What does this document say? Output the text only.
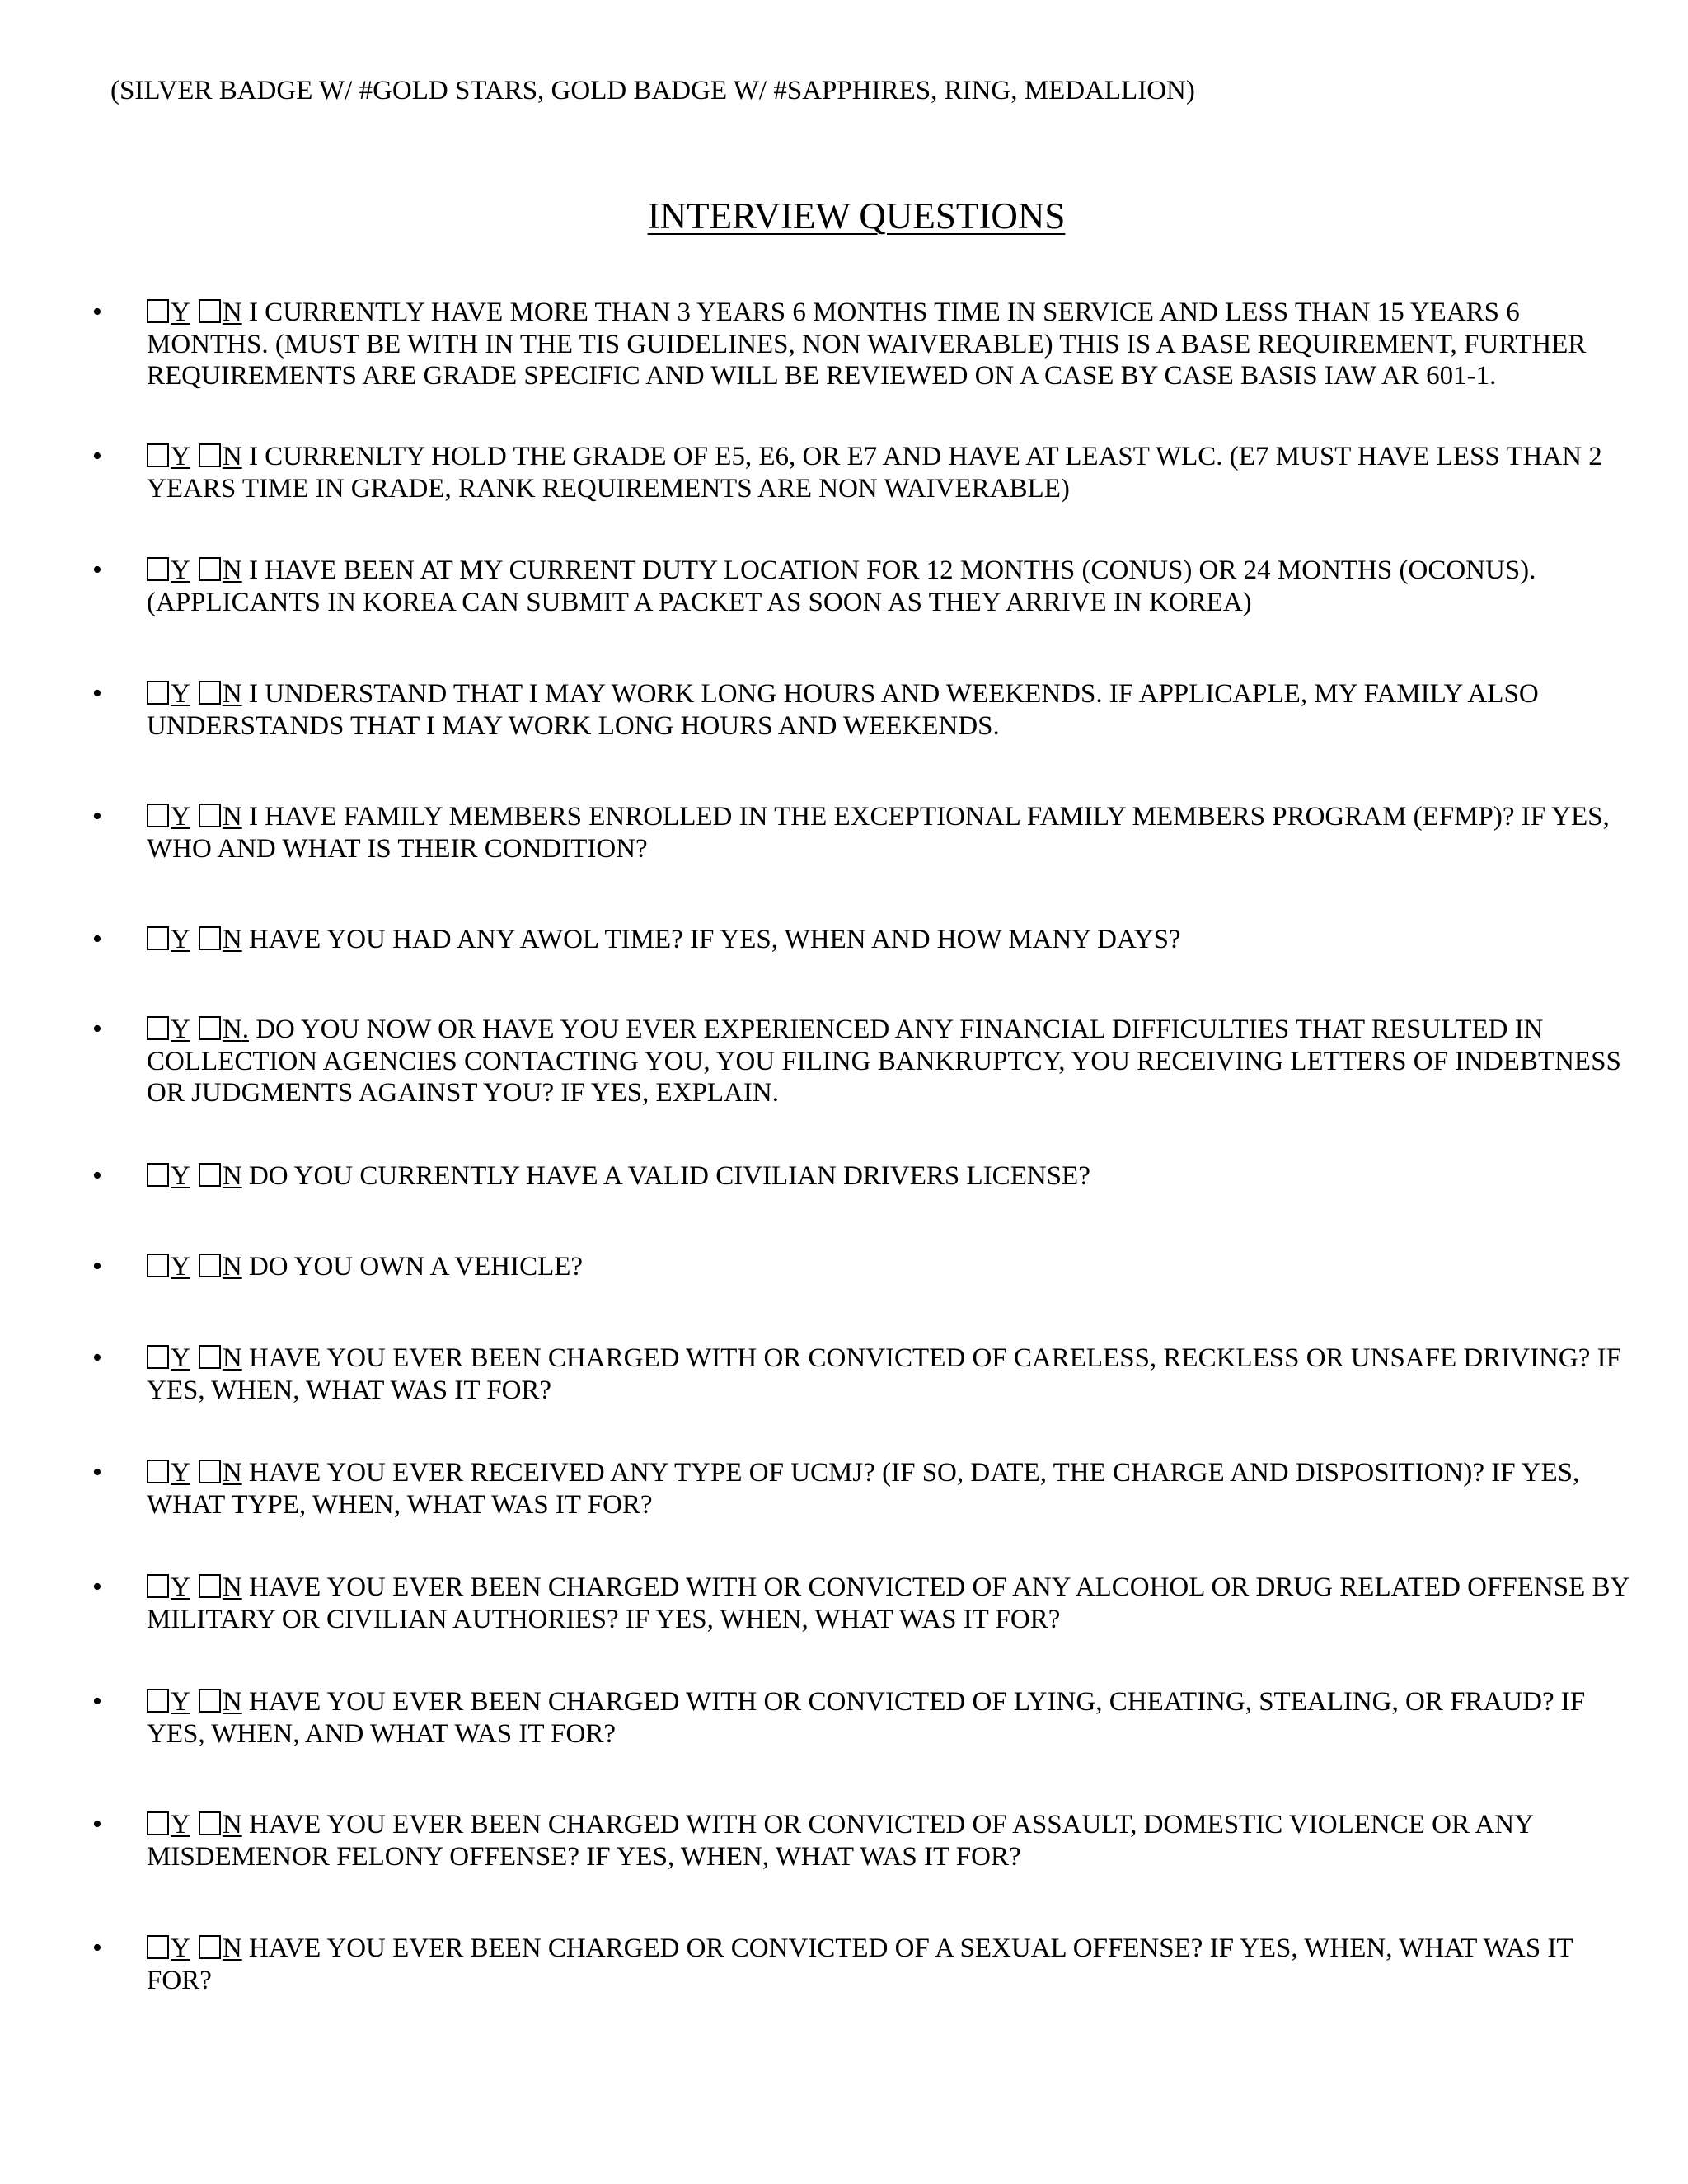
(SILVER BADGE W/ #GOLD STARS, GOLD BADGE W/ #SAPPHIRES, RING, MEDALLION)
INTERVIEW QUESTIONS
•	Y N I CURRENTLY HAVE MORE THAN 3 YEARS 6 MONTHS TIME IN SERVICE AND LESS THAN 15 YEARS 6 MONTHS. (MUST BE WITH IN THE TIS GUIDELINES, NON WAIVERABLE) THIS IS A BASE REQUIREMENT, FURTHER REQUIREMENTS ARE GRADE SPECIFIC AND WILL BE REVIEWED ON A CASE BY CASE BASIS IAW AR 601-1.
•	Y N I CURRENLTY HOLD THE GRADE OF E5, E6, OR E7 AND HAVE AT LEAST WLC. (E7 MUST HAVE LESS THAN 2 YEARS TIME IN GRADE, RANK REQUIREMENTS ARE NON WAIVERABLE)
•	Y N I HAVE BEEN AT MY CURRENT DUTY LOCATION FOR 12 MONTHS (CONUS) OR 24 MONTHS (OCONUS). (APPLICANTS IN KOREA CAN SUBMIT A PACKET AS SOON AS THEY ARRIVE IN KOREA)
•	Y N I UNDERSTAND THAT I MAY WORK LONG HOURS AND WEEKENDS. IF APPLICAPLE, MY FAMILY ALSO UNDERSTANDS THAT I MAY WORK LONG HOURS AND WEEKENDS.
•	Y N I HAVE FAMILY MEMBERS ENROLLED IN THE EXCEPTIONAL FAMILY MEMBERS PROGRAM (EFMP)? IF YES, WHO AND WHAT IS THEIR CONDITION?
•	Y N HAVE YOU HAD ANY AWOL TIME? IF YES, WHEN AND HOW MANY DAYS?
•	Y N. DO YOU NOW OR HAVE YOU EVER EXPERIENCED ANY FINANCIAL DIFFICULTIES THAT RESULTED IN COLLECTION AGENCIES CONTACTING YOU, YOU FILING BANKRUPTCY, YOU RECEIVING LETTERS OF INDEBTNESS OR JUDGMENTS AGAINST YOU? IF YES, EXPLAIN.
•	Y N DO YOU CURRENTLY HAVE A VALID CIVILIAN DRIVERS LICENSE?
•	Y N DO YOU OWN A VEHICLE?
•	Y N HAVE YOU EVER BEEN CHARGED WITH OR CONVICTED OF CARELESS, RECKLESS OR UNSAFE DRIVING? IF YES, WHEN, WHAT WAS IT FOR?
•	Y N HAVE YOU EVER RECEIVED ANY TYPE OF UCMJ? (IF SO, DATE, THE CHARGE AND DISPOSITION)? IF YES, WHAT TYPE, WHEN, WHAT WAS IT FOR?
•	Y N HAVE YOU EVER BEEN CHARGED WITH OR CONVICTED OF ANY ALCOHOL OR DRUG RELATED OFFENSE BY MILITARY OR CIVILIAN AUTHORIES? IF YES, WHEN, WHAT WAS IT FOR?
•	Y N HAVE YOU EVER BEEN CHARGED WITH OR CONVICTED OF LYING, CHEATING, STEALING, OR FRAUD? IF YES, WHEN, AND WHAT WAS IT FOR?
•	Y N HAVE YOU EVER BEEN CHARGED WITH OR CONVICTED OF ASSAULT, DOMESTIC VIOLENCE OR ANY MISDEMENOR FELONY OFFENSE? IF YES, WHEN, WHAT WAS IT FOR?
•	Y N HAVE YOU EVER BEEN CHARGED OR CONVICTED OF A SEXUAL OFFENSE? IF YES, WHEN, WHAT WAS IT FOR?
